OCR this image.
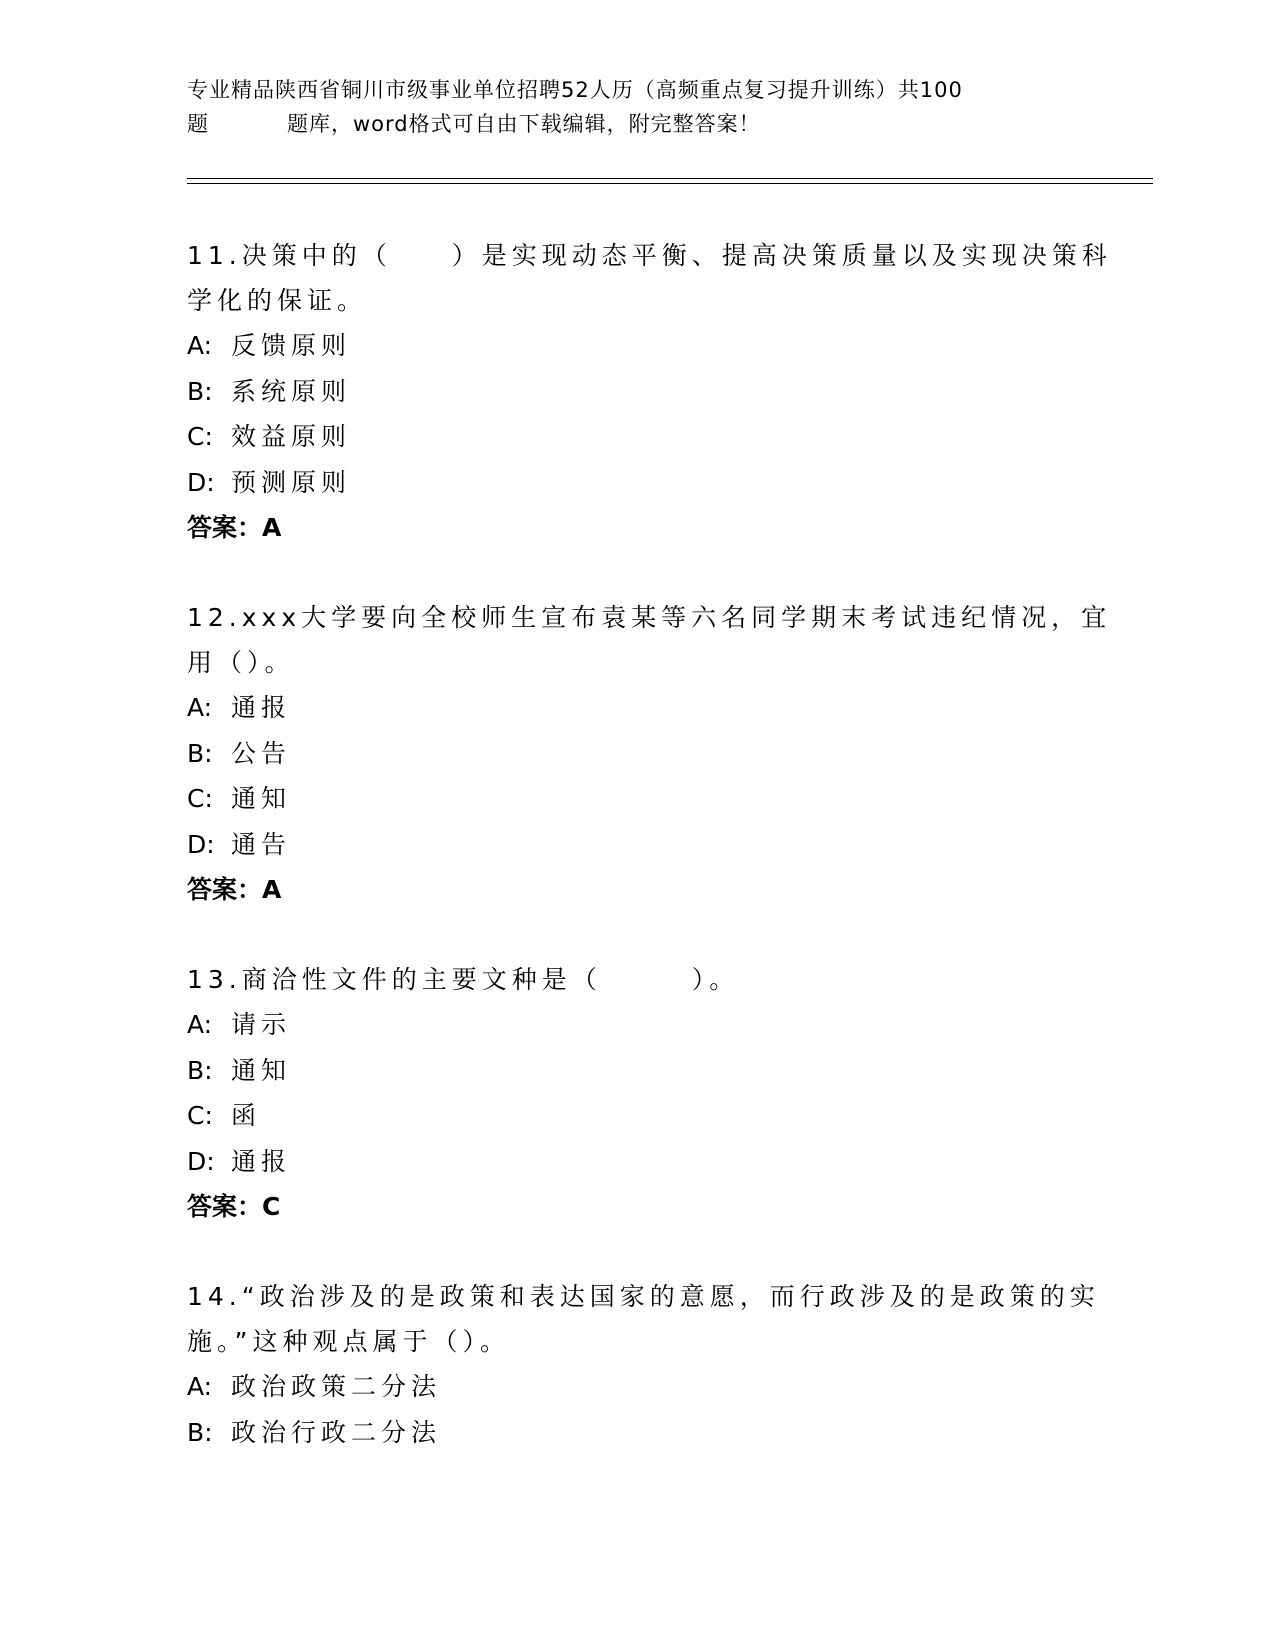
专业精品陕西省铜川市级事业单位招聘52人历（高频重点复习提升训练）共100
题	题库，word格式可自由下载编辑，附完整答案！

11.决策中的（　　）是实现动态平衡、提高决策质量以及实现决策科

学化的保证。

A: 反馈原则

B: 系统原则

C: 效益原则

D: 预测原则

答案：A

12.xxx大学要向全校师生宣布袁某等六名同学期末考试违纪情况，宜

用（）。

A: 通报

B: 公告

C: 通知

D: 通告

答案：A

13.商洽性文件的主要文种是（　　　）。

A: 请示

B: 通知

C: 函

D: 通报

答案：C

14.“政治涉及的是政策和表达国家的意愿，而行政涉及的是政策的实

施。”这种观点属于（）。

A: 政治政策二分法

B: 政治行政二分法
